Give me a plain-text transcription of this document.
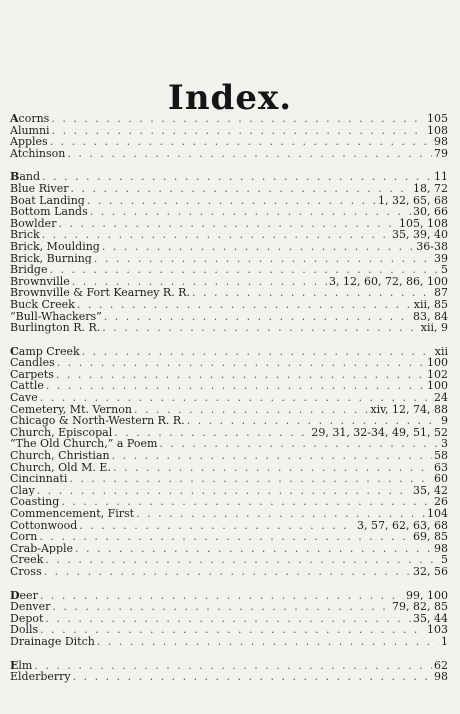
Index.
Acorns . . .	105
Alumni . . .	108
Apples . . .	98
Atchinson . . .	79
Band . . .	11
Blue River . . .	18, 72
Boat Landing . . .	1, 32, 65, 68
Bottom Lands . . .	30, 66
Bowlder . . .	105, 108
Brick . . .	35, 39, 40
Brick, Moulding . . .	36-38
Brick, Burning . . .	39
Bridge . . .	5
Brownville . . .	3, 12, 60, 72, 86, 100
Brownville & Fort Kearney R. R. . . .	87
Buck Creek . . .	xii, 85
“Bull-Whackers” . . .	83, 84
Burlington R. R. . . .	xii, 9
Camp Creek . . .	xii
Candles . . .	100
Carpets . . .	102
Cattle . . .	100
Cave . . .	24
Cemetery, Mt. Vernon . . .	xiv, 12, 74, 88
Chicago & North-Western R. R. . . .	9
Church, Episcopal . . .	29, 31, 32-34, 49, 51, 52
“The Old Church,” a Poem . . .	3
Church, Christian . . .	58
Church, Old M. E. . . .	63
Cincinnati . . .	60
Clay . . .	35, 42
Coasting . . .	26
Commencement, First . . .	104
Cottonwood . . .	3, 57, 62, 63, 68
Corn . . .	69, 85
Crab-Apple . . .	98
Creek . . .	5
Cross . . .	32, 56
Deer . . .	99, 100
Denver . . .	79, 82, 85
Depot . . .	35, 44
Dolls . . .	103
Drainage Ditch . . .	1
Elm . . .	62
Elderberry . . .	98
